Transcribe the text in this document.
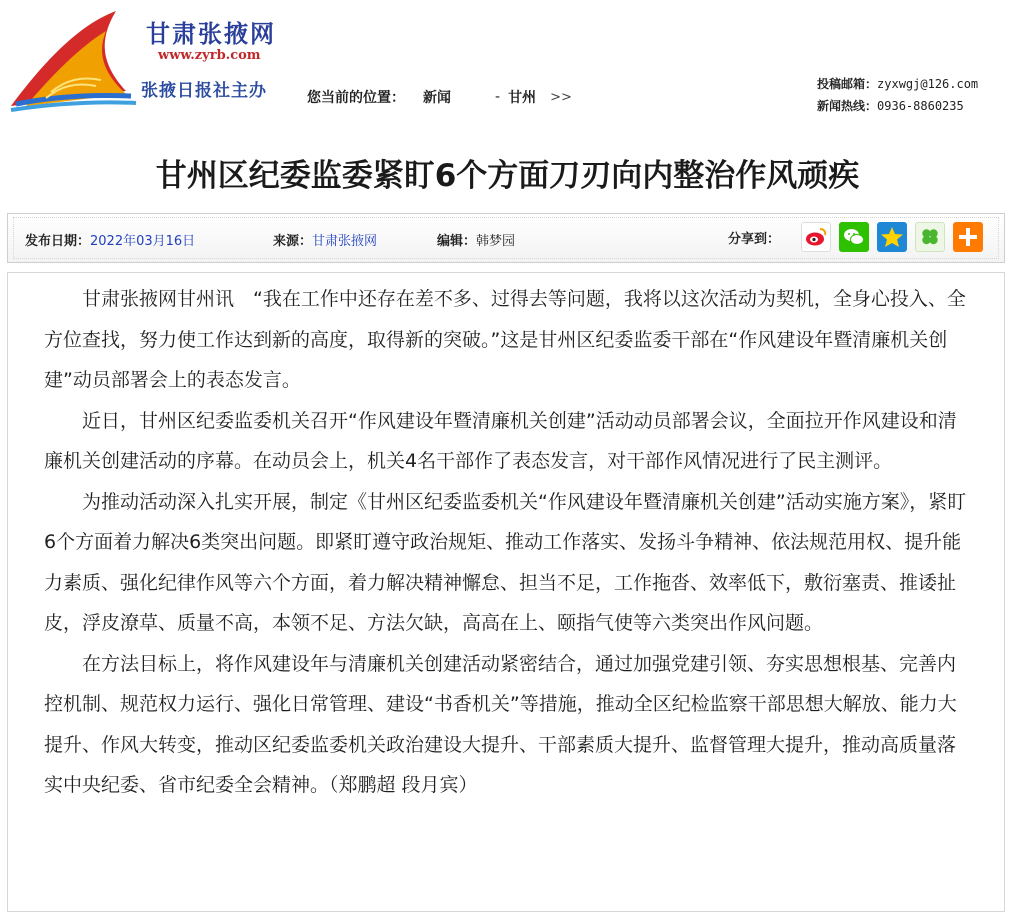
甘肃张掖网
www.zyrb.com
张掖日报社主办	您当前的位置： 新闻	- 甘州 >>
投稿邮箱：zyxwgj@126.com
新闻热线：0936-8860235
甘州区纪委监委紧盯6个方面刀刃向内整治作风顽疾
发布日期：2022年03月16日	来源：甘肃张掖网	编辑：韩梦园	分享到：

甘肃张掖网甘州讯　“我在工作中还存在差不多、过得去等问题，我将以这次活动为契机，全身心投入、全方位查找，努力使工作达到新的高度，取得新的突破。”这是甘州区纪委监委干部在“作风建设年暨清廉机关创建”动员部署会上的表态发言。

近日，甘州区纪委监委机关召开“作风建设年暨清廉机关创建”活动动员部署会议，全面拉开作风建设和清廉机关创建活动的序幕。在动员会上，机关4名干部作了表态发言，对干部作风情况进行了民主测评。

为推动活动深入扎实开展，制定《甘州区纪委监委机关“作风建设年暨清廉机关创建”活动实施方案》，紧盯6个方面着力解决6类突出问题。即紧盯遵守政治规矩、推动工作落实、发扬斗争精神、依法规范用权、提升能力素质、强化纪律作风等六个方面，着力解决精神懈怠、担当不足，工作拖沓、效率低下，敷衍塞责、推诿扯皮，浮皮潦草、质量不高，本领不足、方法欠缺，高高在上、颐指气使等六类突出作风问题。

在方法目标上，将作风建设年与清廉机关创建活动紧密结合，通过加强党建引领、夯实思想根基、完善内控机制、规范权力运行、强化日常管理、建设“书香机关”等措施，推动全区纪检监察干部思想大解放、能力大提升、作风大转变，推动区纪委监委机关政治建设大提升、干部素质大提升、监督管理大提升，推动高质量落实中央纪委、省市纪委全会精神。（郑鹏超 段月宾）
